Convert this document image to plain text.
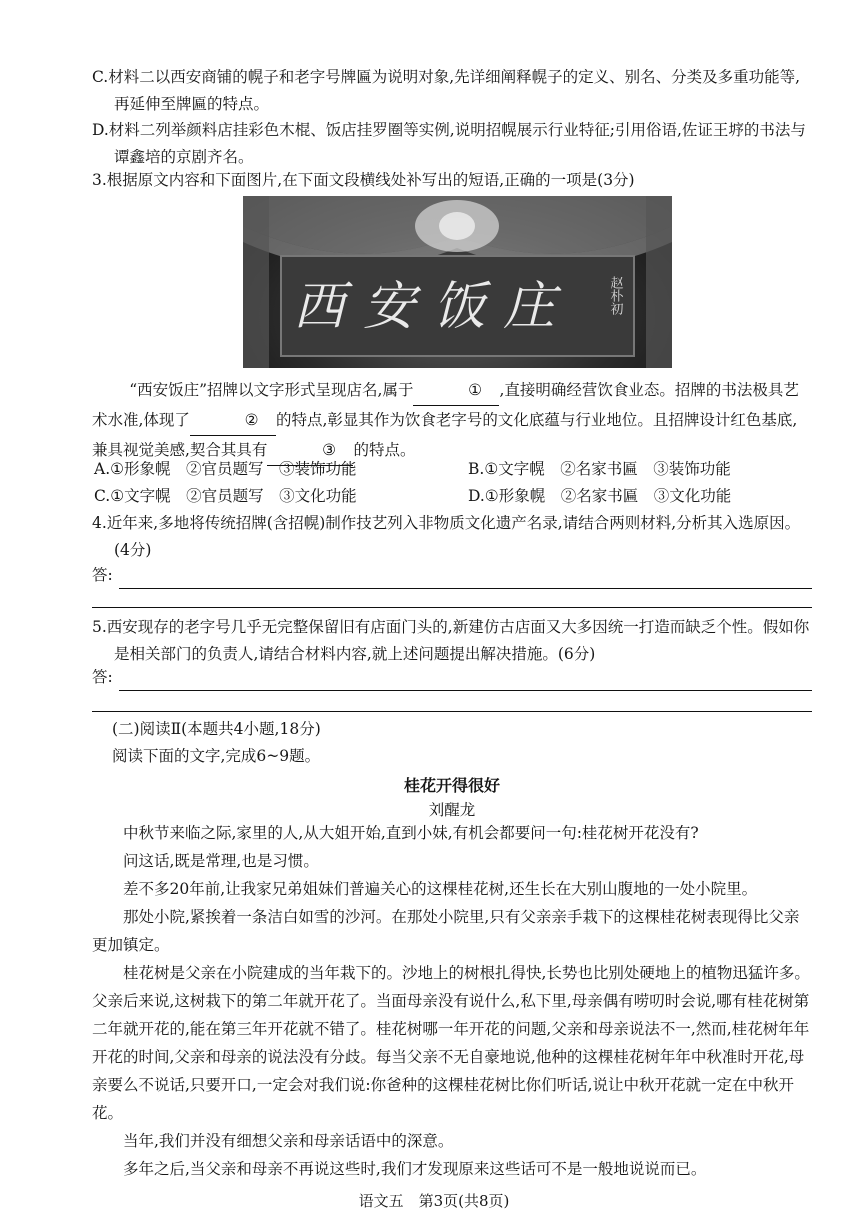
C.材料二以西安商铺的幌子和老字号牌匾为说明对象,先详细阐释幌子的定义、别名、分类及多重功能等,再延伸至牌匾的特点。
D.材料二列举颜料店挂彩色木棍、饭店挂罗圈等实例,说明招幌展示行业特征;引用俗语,佐证王垿的书法与谭鑫培的京剧齐名。
3.根据原文内容和下面图片,在下面文段横线处补写出的短语,正确的一项是(3分)
西安饭庄	赵朴初
“西安饭庄”招牌以文字形式呈现店名,属于	① ,直接明确经营饮食业态。招牌的书法极具艺术水准,体现了	② 的特点,彰显其作为饮食老字号的文化底蕴与行业地位。且招牌设计红色基底,兼具视觉美感,契合其具有	③ 的特点。
A.①形象幌　②官员题写　③装饰功能	B.①文字幌　②名家书匾　③装饰功能
C.①文字幌　②官员题写　③文化功能	D.①形象幌　②名家书匾　③文化功能
4.近年来,多地将传统招牌(含招幌)制作技艺列入非物质文化遗产名录,请结合两则材料,分析其入选原因。(4分)
答:
5.西安现存的老字号几乎无完整保留旧有店面门头的,新建仿古店面又大多因统一打造而缺乏个性。假如你是相关部门的负责人,请结合材料内容,就上述问题提出解决措施。(6分)
答:
(二)阅读Ⅱ(本题共4小题,18分)
阅读下面的文字,完成6~9题。
桂花开得很好
刘醒龙

中秋节来临之际,家里的人,从大姐开始,直到小妹,有机会都要问一句:桂花树开花没有?

问这话,既是常理,也是习惯。

差不多20年前,让我家兄弟姐妹们普遍关心的这棵桂花树,还生长在大别山腹地的一处小院里。

那处小院,紧挨着一条洁白如雪的沙河。在那处小院里,只有父亲亲手栽下的这棵桂花树表现得比父亲更加镇定。

桂花树是父亲在小院建成的当年栽下的。沙地上的树根扎得快,长势也比别处硬地上的植物迅猛许多。父亲后来说,这树栽下的第二年就开花了。当面母亲没有说什么,私下里,母亲偶有唠叨时会说,哪有桂花树第二年就开花的,能在第三年开花就不错了。桂花树哪一年开花的问题,父亲和母亲说法不一,然而,桂花树年年开花的时间,父亲和母亲的说法没有分歧。每当父亲不无自豪地说,他种的这棵桂花树年年中秋准时开花,母亲要么不说话,只要开口,一定会对我们说:你爸种的这棵桂花树比你们听话,说让中秋开花就一定在中秋开花。

当年,我们并没有细想父亲和母亲话语中的深意。

多年之后,当父亲和母亲不再说这些时,我们才发现原来这些话可不是一般地说说而已。

语文五　第3页(共8页)
